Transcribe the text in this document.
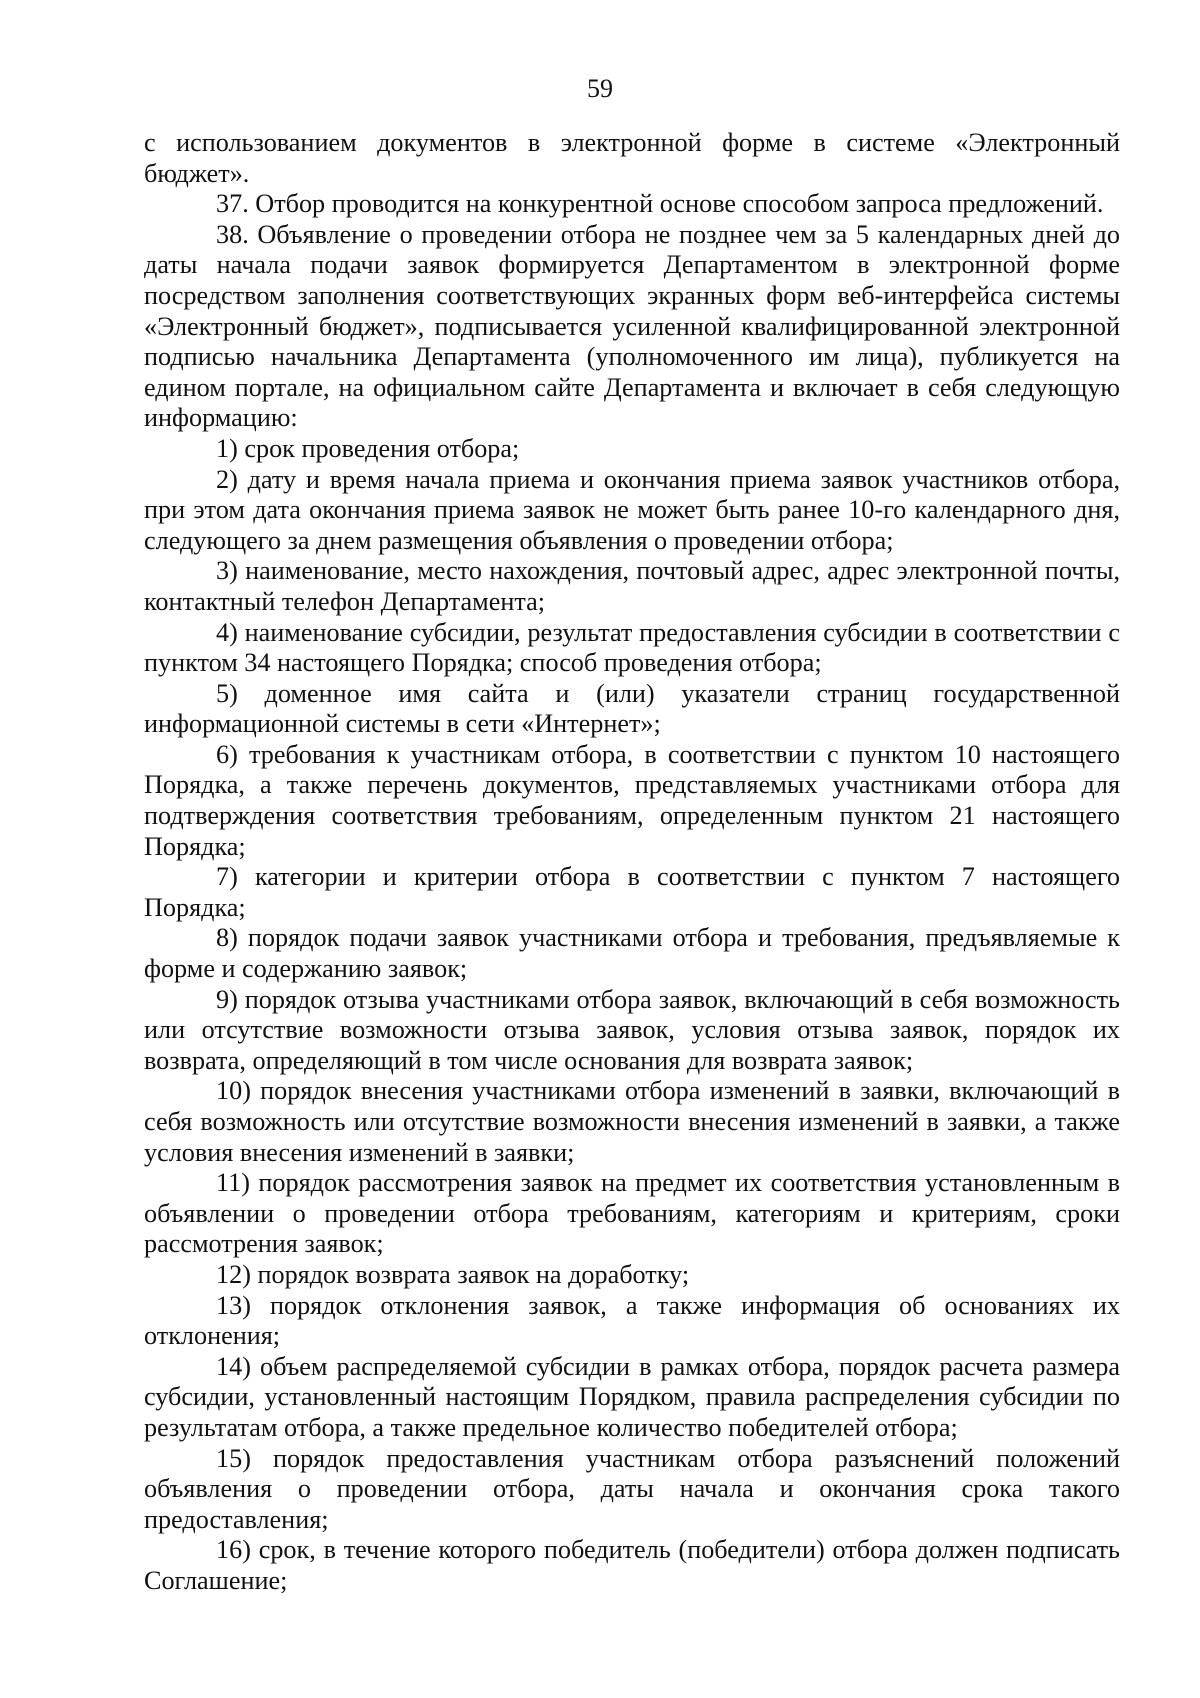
59

с использованием документов в электронной форме в системе «Электронный бюджет».

37. Отбор проводится на конкурентной основе способом запроса предложений.

38. Объявление о проведении отбора не позднее чем за 5 календарных дней до даты начала подачи заявок формируется Департаментом в электронной форме посредством заполнения соответствующих экранных форм веб-интерфейса системы «Электронный бюджет», подписывается усиленной квалифицированной электронной подписью начальника Департамента (уполномоченного им лица), публикуется на едином портале, на официальном сайте Департамента и включает в себя следующую информацию:

1) срок проведения отбора;

2) дату и время начала приема и окончания приема заявок участников отбора, при этом дата окончания приема заявок не может быть ранее 10-го календарного дня, следующего за днем размещения объявления о проведении отбора;

3) наименование, место нахождения, почтовый адрес, адрес электронной почты, контактный телефон Департамента;

4) наименование субсидии, результат предоставления субсидии в соответствии с пунктом 34 настоящего Порядка; способ проведения отбора;

5) доменное имя сайта и (или) указатели страниц государственной информационной системы в сети «Интернет»;

6) требования к участникам отбора, в соответствии с пунктом 10 настоящего Порядка, а также перечень документов, представляемых участниками отбора для подтверждения соответствия требованиям, определенным пунктом 21 настоящего Порядка;

7) категории и критерии отбора в соответствии с пунктом 7 настоящего Порядка;

8) порядок подачи заявок участниками отбора и требования, предъявляемые к форме и содержанию заявок;

9) порядок отзыва участниками отбора заявок, включающий в себя возможность или отсутствие возможности отзыва заявок, условия отзыва заявок, порядок их возврата, определяющий в том числе основания для возврата заявок;

10) порядок внесения участниками отбора изменений в заявки, включающий в себя возможность или отсутствие возможности внесения изменений в заявки, а также условия внесения изменений в заявки;

11) порядок рассмотрения заявок на предмет их соответствия установленным в объявлении о проведении отбора требованиям, категориям и критериям, сроки рассмотрения заявок;

12) порядок возврата заявок на доработку;

13) порядок отклонения заявок, а также информация об основаниях их отклонения;

14) объем распределяемой субсидии в рамках отбора, порядок расчета размера субсидии, установленный настоящим Порядком, правила распределения субсидии по результатам отбора, а также предельное количество победителей отбора;

15) порядок предоставления участникам отбора разъяснений положений объявления о проведении отбора, даты начала и окончания срока такого предоставления;

16) срок, в течение которого победитель (победители) отбора должен подписать Соглашение;
